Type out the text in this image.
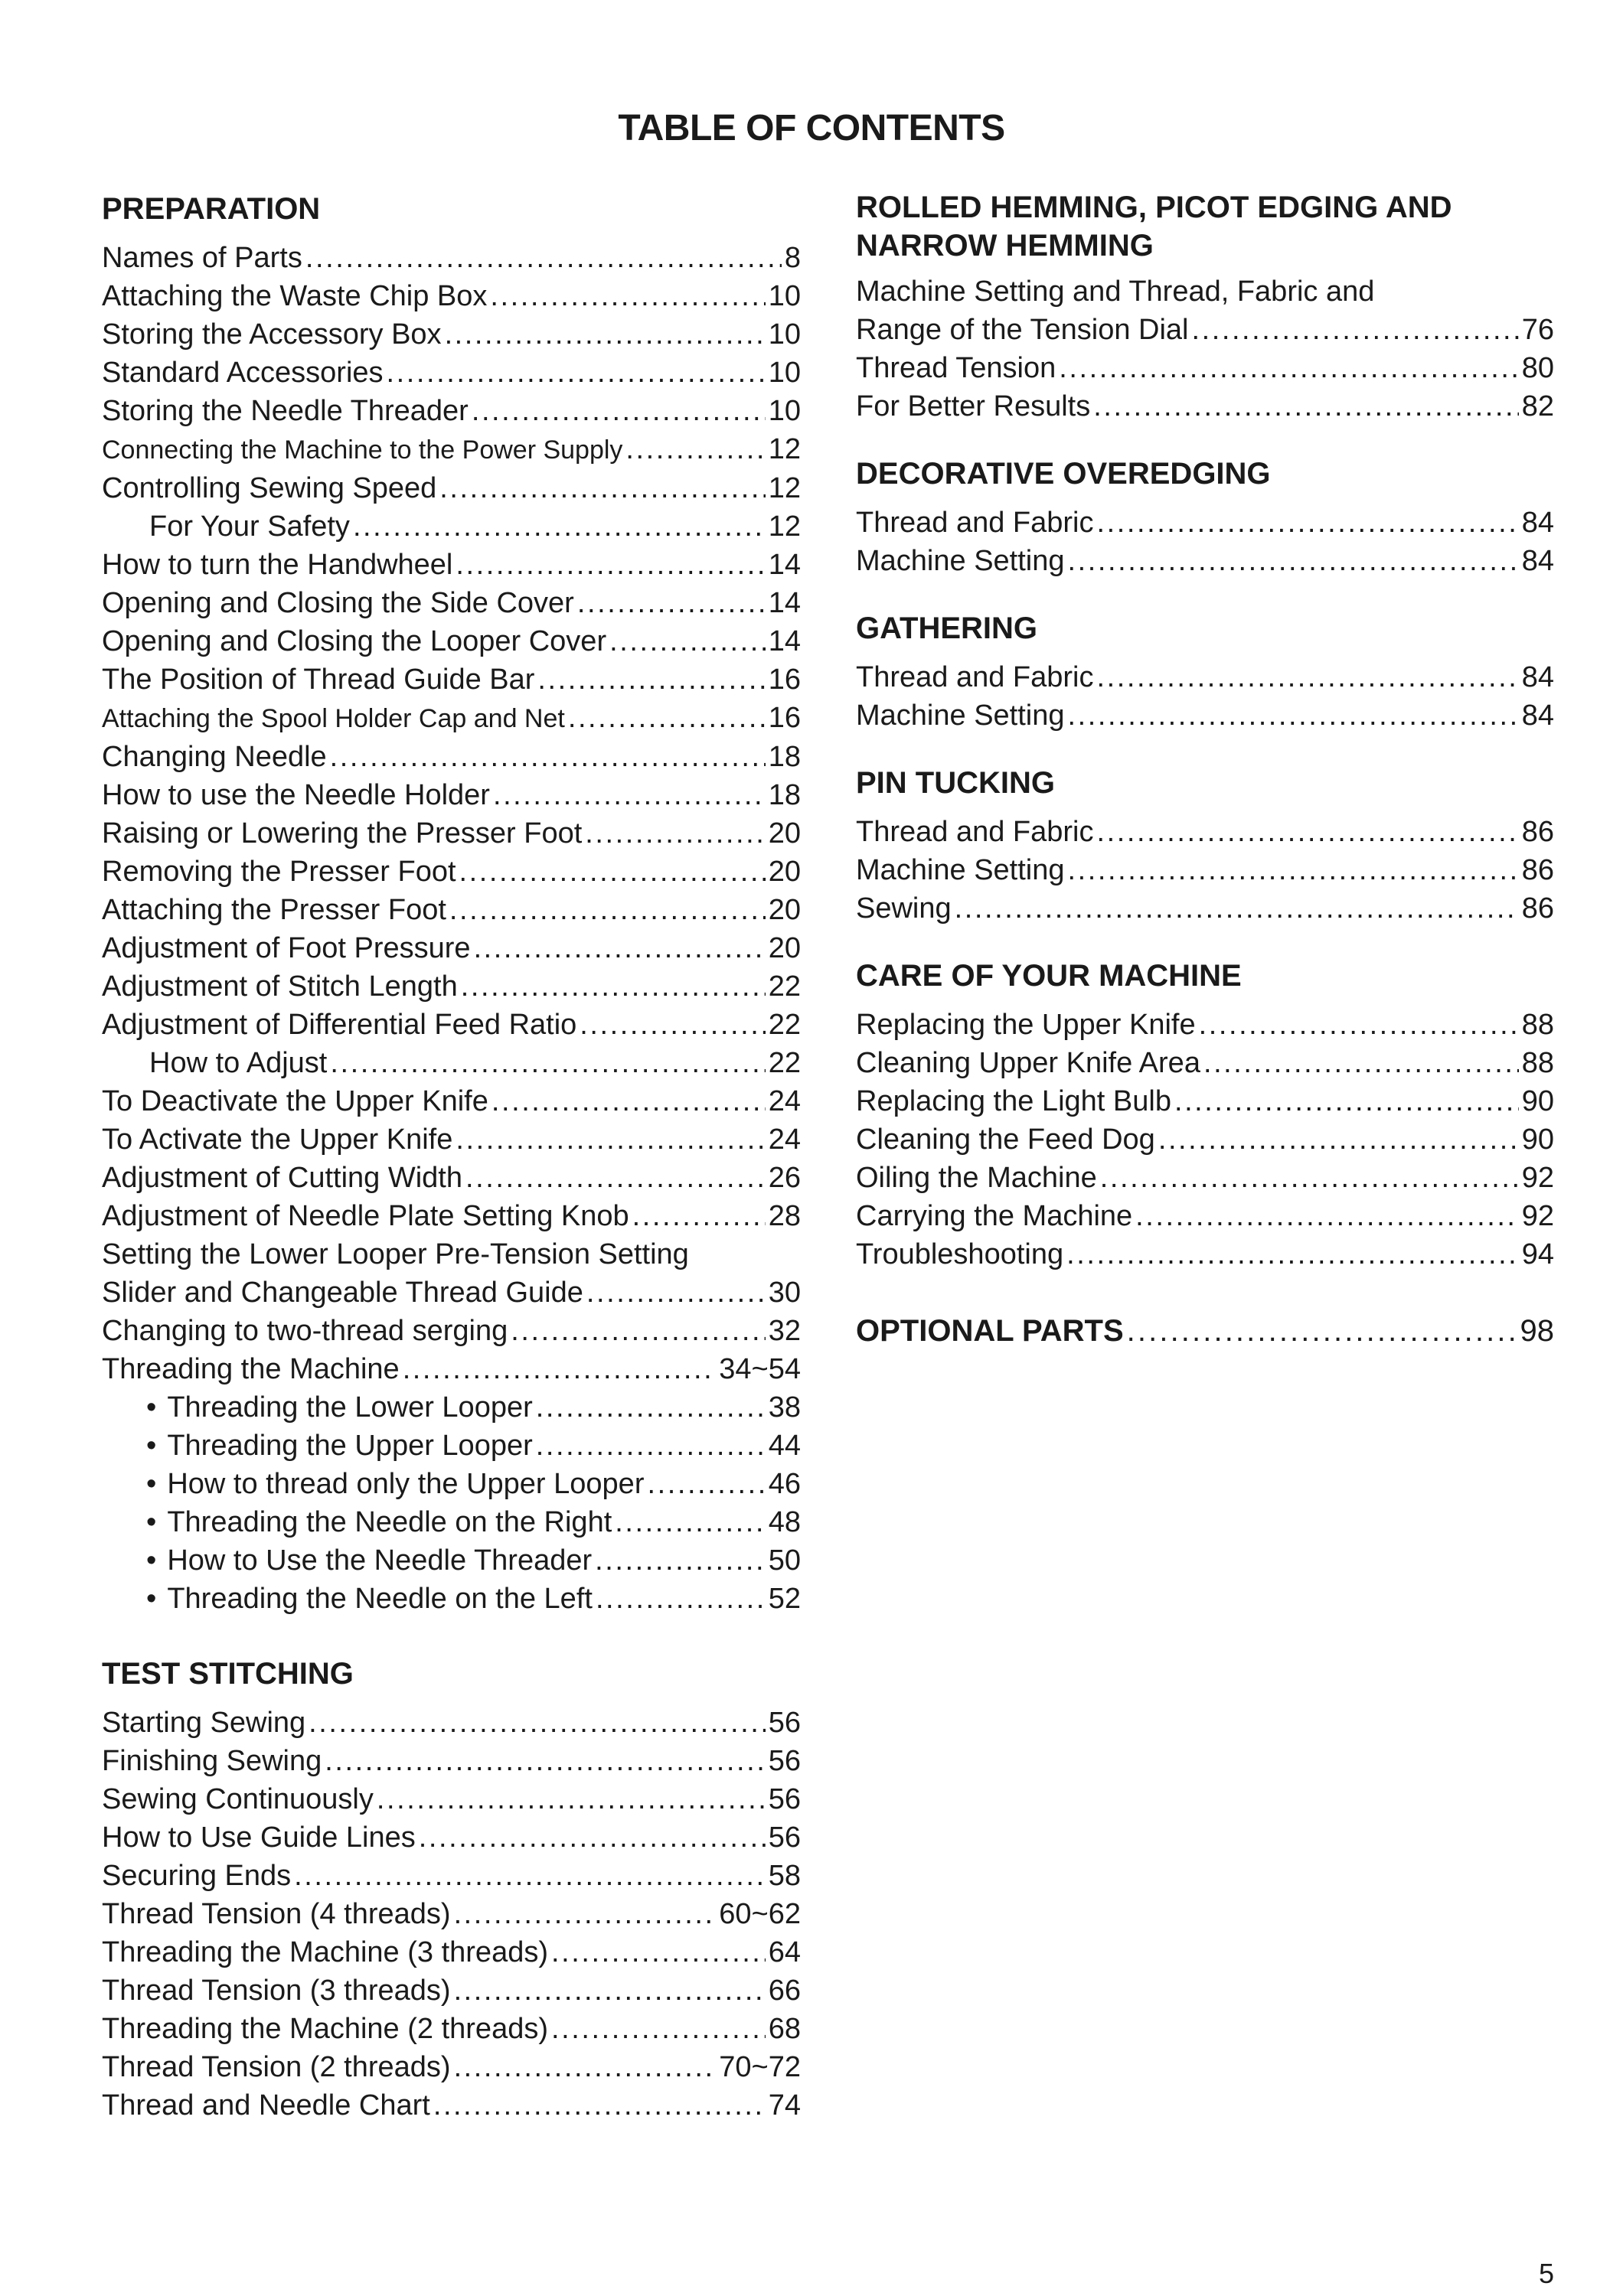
TABLE OF CONTENTS
PREPARATION
Names of Parts . . .	8
Attaching the Waste Chip Box . . .	10
Storing the Accessory Box . . .	10
Standard Accessories . . .	10
Storing the Needle Threader . . .	10
Connecting the Machine to the Power Supply . . .	12
Controlling Sewing Speed . . .	12
For Your Safety . . .	12
How to turn the Handwheel . . .	14
Opening and Closing the Side Cover . . .	14
Opening and Closing the Looper Cover . . .	14
The Position of Thread Guide Bar . . .	16
Attaching the Spool Holder Cap and Net . . .	16
Changing Needle . . .	18
How to use the Needle Holder . . .	18
Raising or Lowering the Presser Foot . . .	20
Removing the Presser Foot . . .	20
Attaching the Presser Foot . . .	20
Adjustment of Foot Pressure . . .	20
Adjustment of Stitch Length . . .	22
Adjustment of Differential Feed Ratio . . .	22
How to Adjust . . .	22
To Deactivate the Upper Knife . . .	24
To Activate the Upper Knife . . .	24
Adjustment of Cutting Width . . .	26
Adjustment of Needle Plate Setting Knob . . .	28
Setting the Lower Looper Pre-Tension Setting
Slider and Changeable Thread Guide . . .	30
Changing to two-thread serging . . .	32
Threading the Machine . . .	34~54
• Threading the Lower Looper . . .	38
• Threading the Upper Looper . . .	44
• How to thread only the Upper Looper . . .	46
• Threading the Needle on the Right . . .	48
• How to Use the Needle Threader . . .	50
• Threading the Needle on the Left . . .	52
TEST STITCHING
Starting Sewing . . .	56
Finishing Sewing . . .	56
Sewing Continuously . . .	56
How to Use Guide Lines . . .	56
Securing Ends . . .	58
Thread Tension (4 threads) . . .	60~62
Threading the Machine (3 threads) . . .	64
Thread Tension (3 threads) . . .	66
Threading the Machine (2 threads) . . .	68
Thread Tension (2 threads) . . .	70~72
Thread and Needle Chart . . .	74
ROLLED HEMMING, PICOT EDGING AND
NARROW HEMMING
Machine Setting and Thread, Fabric and
Range of the Tension Dial . . .	76
Thread Tension . . .	80
For Better Results . . .	82
DECORATIVE OVEREDGING
Thread and Fabric . . .	84
Machine Setting . . .	84
GATHERING
Thread and Fabric . . .	84
Machine Setting . . .	84
PIN TUCKING
Thread and Fabric . . .	86
Machine Setting . . .	86
Sewing . . .	86
CARE OF YOUR MACHINE
Replacing the Upper Knife . . .	88
Cleaning Upper Knife Area . . .	88
Replacing the Light Bulb . . .	90
Cleaning the Feed Dog . . .	90
Oiling the Machine . . .	92
Carrying the Machine . . .	92
Troubleshooting . . .	94
OPTIONAL PARTS . . .	98
5
